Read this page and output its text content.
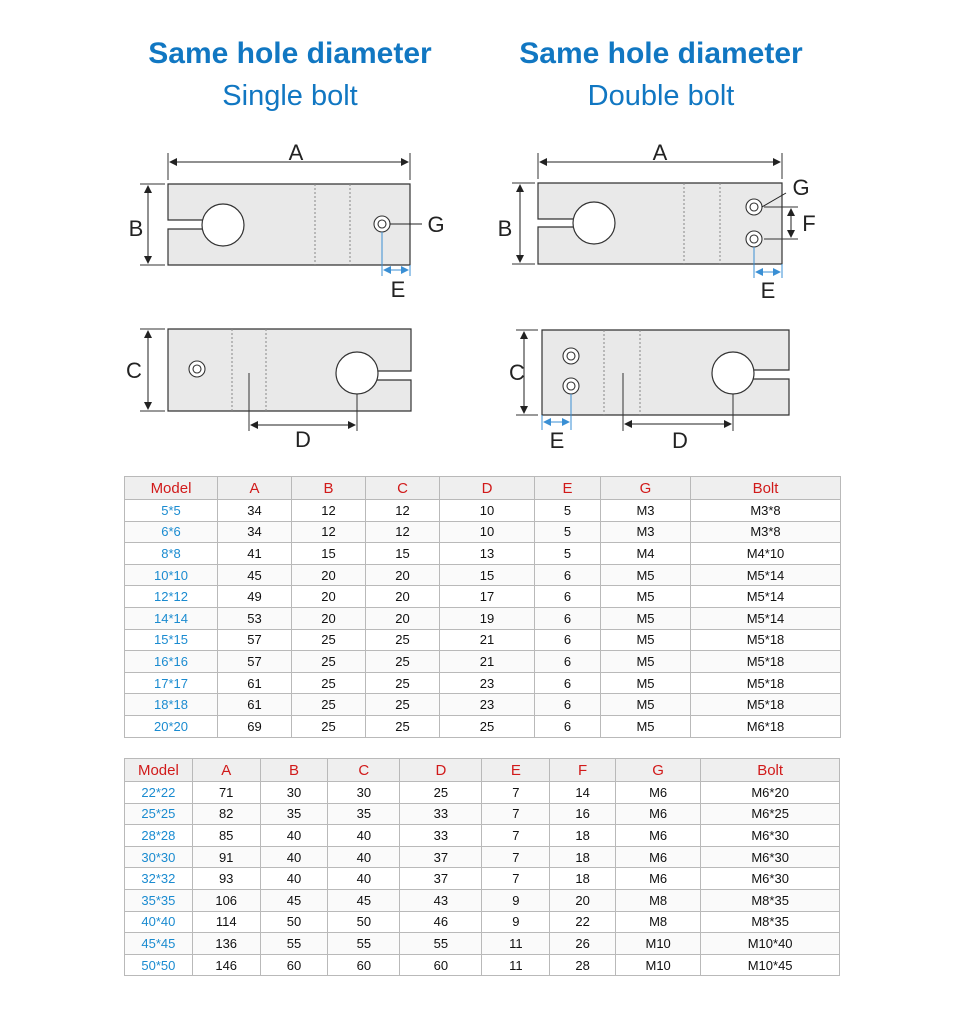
Same hole diameter
Single bolt
Same hole diameter
Double bolt
A
B	G
E
C
D
A
B
G
F
E
C
E	D
Model	A	B	C	D	E	G	Bolt
5*5	34	12	12	10	5	M3	M3*8
6*6	34	12	12	10	5	M3	M3*8
8*8	41	15	15	13	5	M4	M4*10
10*10	45	20	20	15	6	M5	M5*14
12*12	49	20	20	17	6	M5	M5*14
14*14	53	20	20	19	6	M5	M5*14
15*15	57	25	25	21	6	M5	M5*18
16*16	57	25	25	21	6	M5	M5*18
17*17	61	25	25	23	6	M5	M5*18
18*18	61	25	25	23	6	M5	M5*18
20*20	69	25	25	25	6	M5	M6*18
Model	A	B	C	D	E	F	G	Bolt
22*22	71	30	30	25	7	14	M6	M6*20
25*25	82	35	35	33	7	16	M6	M6*25
28*28	85	40	40	33	7	18	M6	M6*30
30*30	91	40	40	37	7	18	M6	M6*30
32*32	93	40	40	37	7	18	M6	M6*30
35*35	106	45	45	43	9	20	M8	M8*35
40*40	114	50	50	46	9	22	M8	M8*35
45*45	136	55	55	55	11	26	M10	M10*40
50*50	146	60	60	60	11	28	M10	M10*45
